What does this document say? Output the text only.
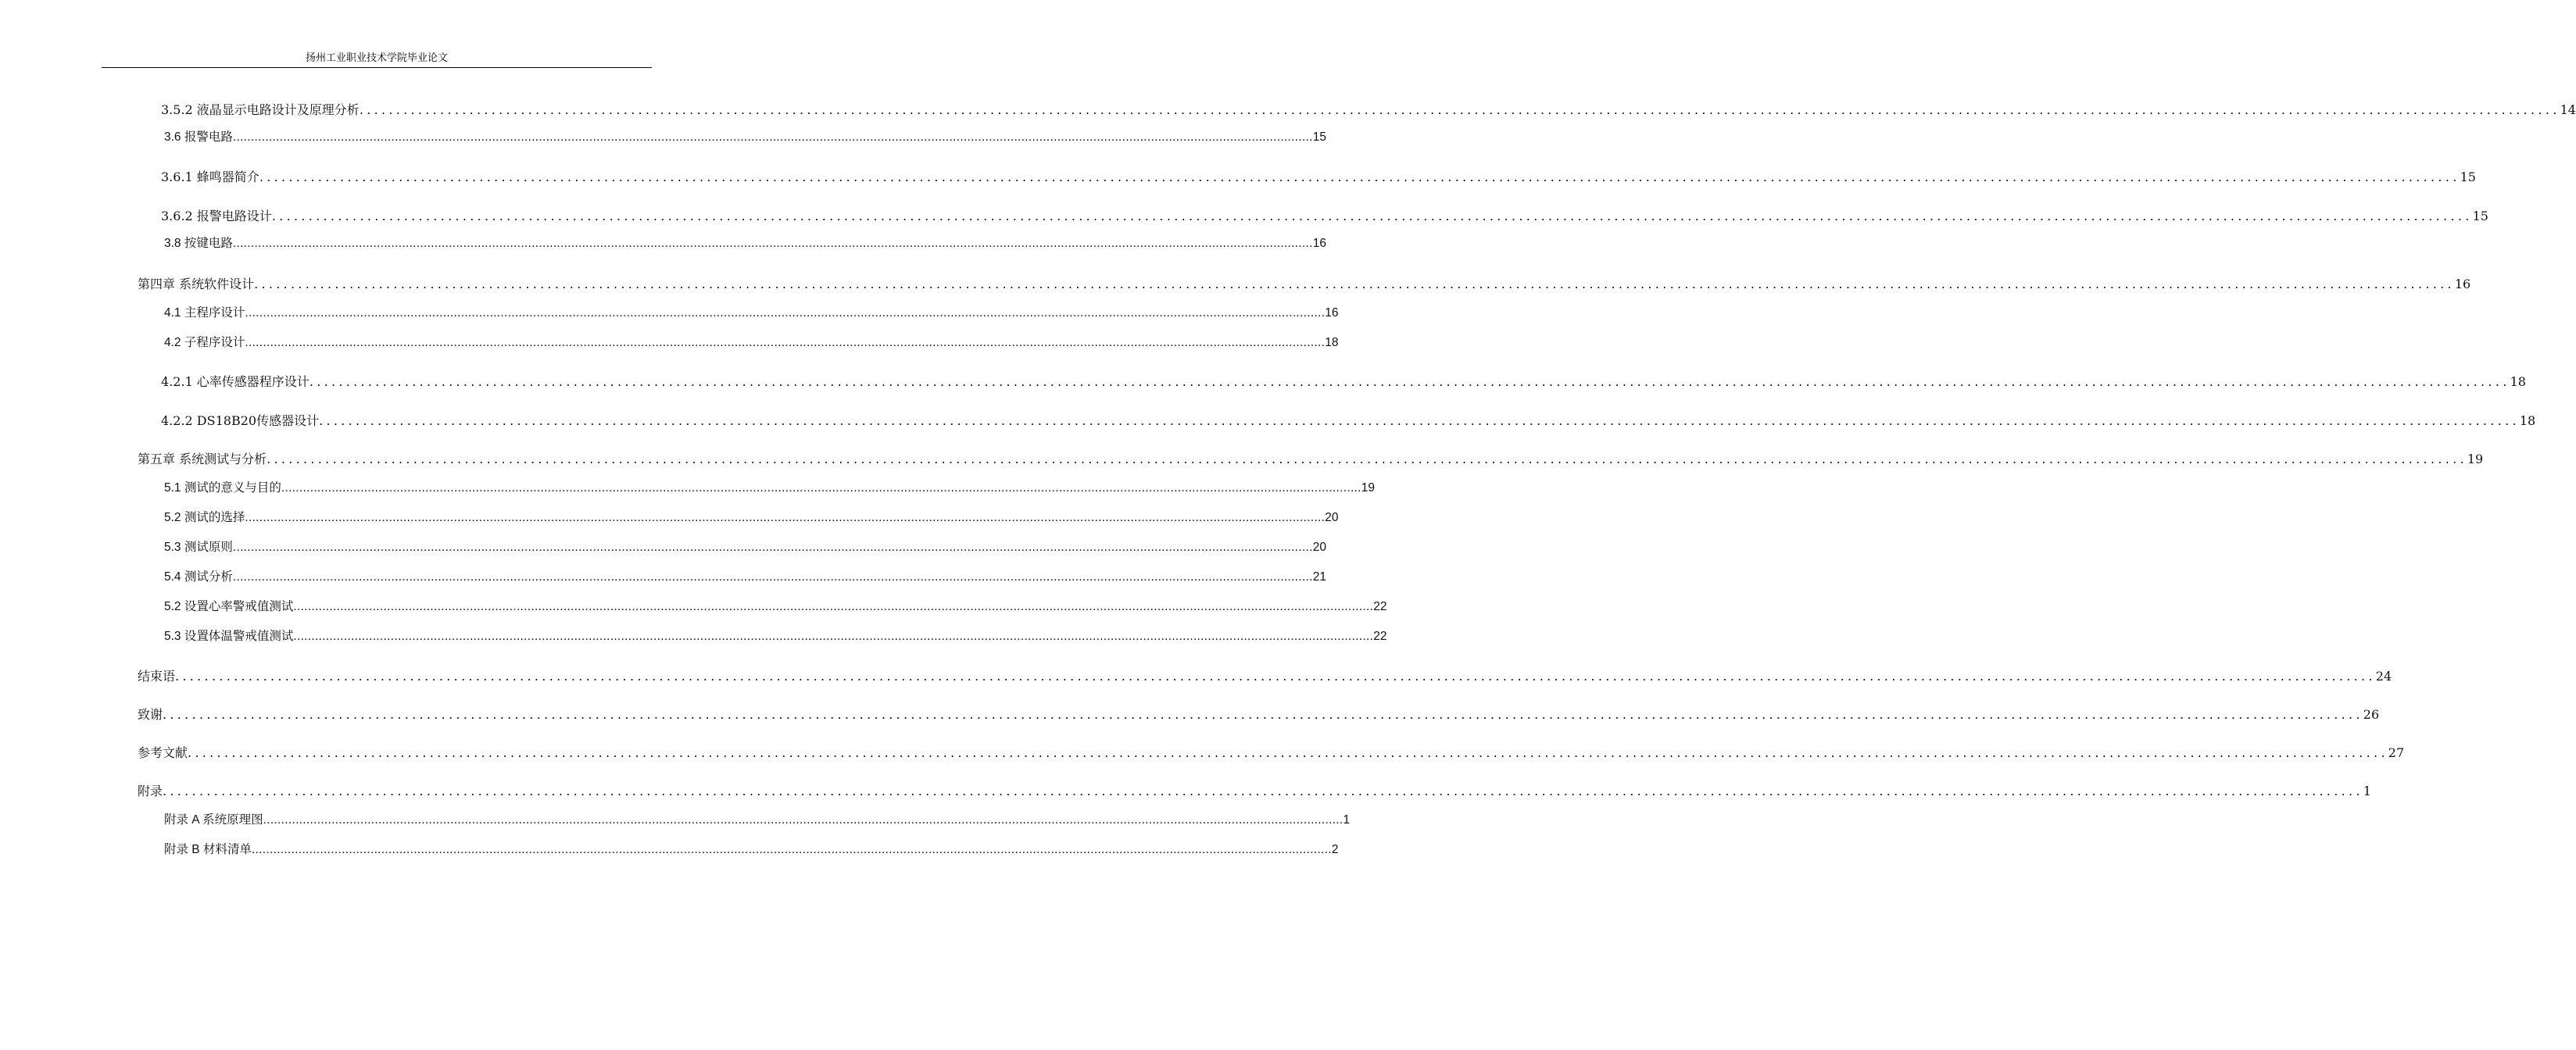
扬州工业职业技术学院毕业论文
3.5.2 液晶显示电路设计及原理分析 ............................................................................................................................................................................................................................................................................................................ 14
3.6 报警电路 ............................................................................................................................................................................................................................................................................................................ 15
3.6.1 蜂鸣器简介 ............................................................................................................................................................................................................................................................................................................ 15
3.6.2 报警电路设计 ............................................................................................................................................................................................................................................................................................................ 15
3.8 按键电路 ............................................................................................................................................................................................................................................................................................................ 16
第四章 系统软件设计 ............................................................................................................................................................................................................................................................................................................ 16
4.1 主程序设计 ............................................................................................................................................................................................................................................................................................................ 16
4.2 子程序设计 ............................................................................................................................................................................................................................................................................................................ 18
4.2.1 心率传感器程序设计 ............................................................................................................................................................................................................................................................................................................ 18
4.2.2 DS18B20传感器设计 ............................................................................................................................................................................................................................................................................................................ 18
第五章 系统测试与分析 ............................................................................................................................................................................................................................................................................................................ 19
5.1 测试的意义与目的 ............................................................................................................................................................................................................................................................................................................ 19
5.2 测试的选择 ............................................................................................................................................................................................................................................................................................................ 20
5.3 测试原则 ............................................................................................................................................................................................................................................................................................................ 20
5.4 测试分析 ............................................................................................................................................................................................................................................................................................................ 21
5.2 设置心率警戒值测试 ............................................................................................................................................................................................................................................................................................................ 22
5.3 设置体温警戒值测试 ............................................................................................................................................................................................................................................................................................................ 22
结束语 ............................................................................................................................................................................................................................................................................................................ 24
致谢 ............................................................................................................................................................................................................................................................................................................ 26
参考文献 ............................................................................................................................................................................................................................................................................................................ 27
附录 ............................................................................................................................................................................................................................................................................................................ 1
附录 A 系统原理图 ............................................................................................................................................................................................................................................................................................................ 1
附录 B 材料清单 ............................................................................................................................................................................................................................................................................................................ 2
